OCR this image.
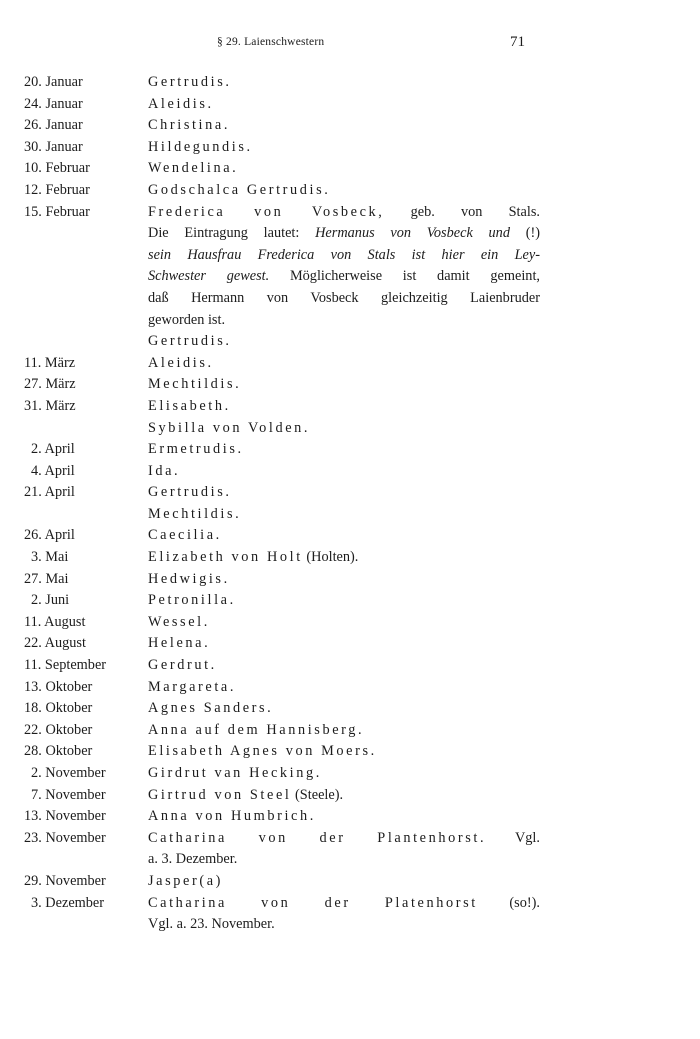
§ 29. Laienschwestern	71
20. Januar	Gertrudis.
24. Januar	Aleidis.
26. Januar	Christina.
30. Januar	Hildegundis.
10. Februar	Wendelina.
12. Februar	Godschalca Gertrudis.
15. Februar	Frederica von Vosbeck, geb. von Stals.
Die Eintragung lautet: Hermanus von Vosbeck und (!)
sein Hausfrau Frederica von Stals ist hier ein Ley-
Schwester gewest. Möglicherweise ist damit gemeint,
daß Hermann von Vosbeck gleichzeitig Laienbruder
geworden ist.
Gertrudis.
11. März	Aleidis.
27. März	Mechtildis.
31. März	Elisabeth.
Sybilla von Volden.
2. April	Ermetrudis.
4. April	Ida.
21. April	Gertrudis.
Mechtildis.
26. April	Caecilia.
3. Mai	Elizabeth von Holt (Holten).
27. Mai	Hedwigis.
2. Juni	Petronilla.
11. August	Wessel.
22. August	Helena.
11. September	Gerdrut.
13. Oktober	Margareta.
18. Oktober	Agnes Sanders.
22. Oktober	Anna auf dem Hannisberg.
28. Oktober	Elisabeth Agnes von Moers.
2. November	Girdrut van Hecking.
7. November	Girtrud von Steel (Steele).
13. November	Anna von Humbrich.
23. November	Catharina von der Plantenhorst. Vgl.
a. 3. Dezember.
29. November	Jasper(a)
3. Dezember	Catharina von der Platenhorst (so!).
Vgl. a. 23. November.
